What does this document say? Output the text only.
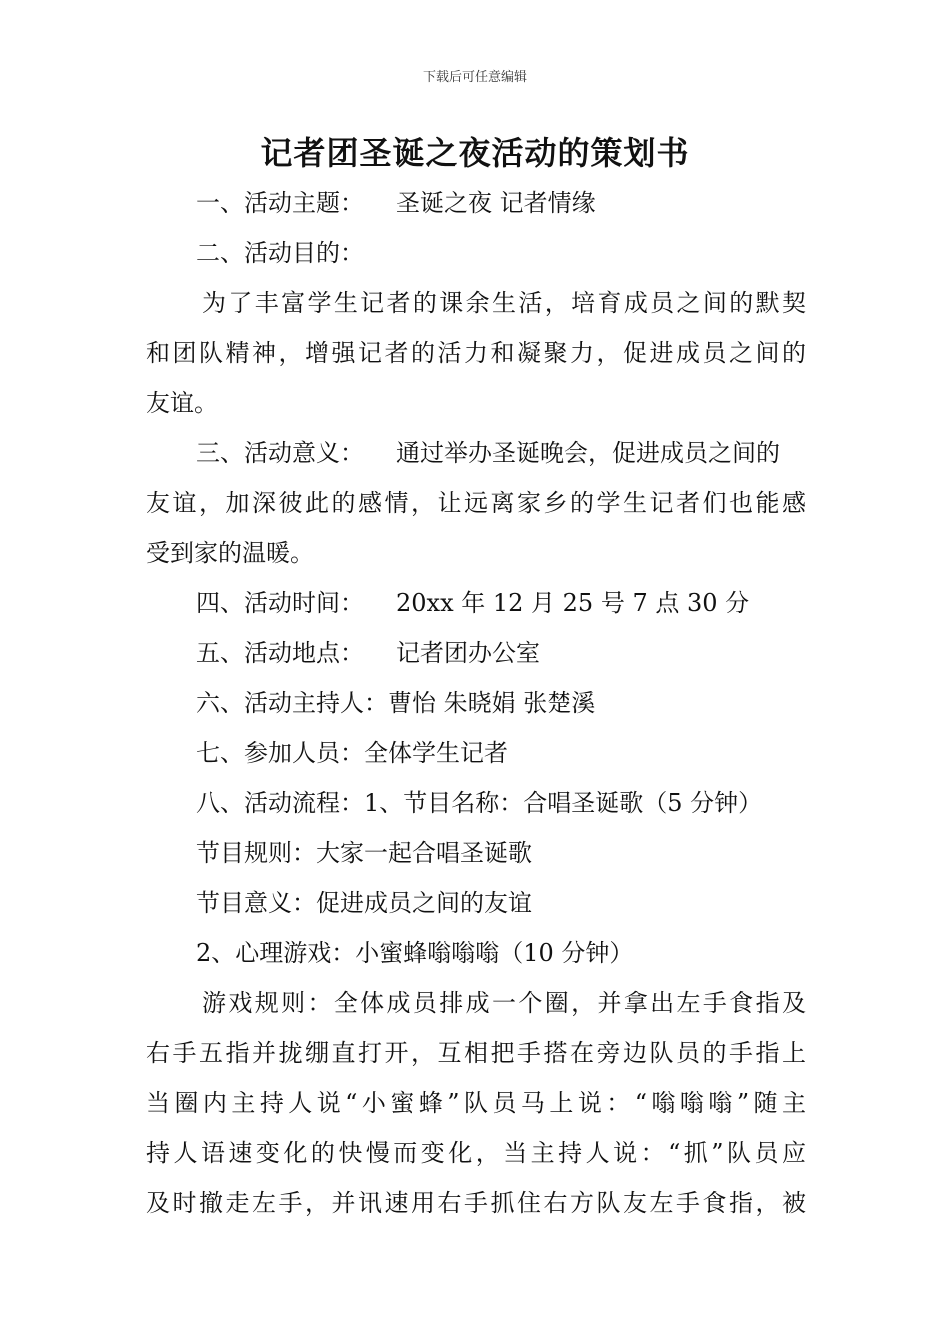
下载后可任意编辑
记者团圣诞之夜活动的策划书
一、活动主题： 圣诞之夜 记者情缘
二、活动目的：
为了丰富学生记者的课余生活，培育成员之间的默契
和团队精神，增强记者的活力和凝聚力，促进成员之间的
友谊。
三、活动意义： 通过举办圣诞晚会，促进成员之间的
友谊，加深彼此的感情，让远离家乡的学生记者们也能感
受到家的温暖。
四、活动时间： 20xx 年 12 月 25 号 7 点 30 分
五、活动地点： 记者团办公室
六、活动主持人：曹怡 朱晓娟 张楚溪
七、参加人员：全体学生记者
八、活动流程：1、节目名称：合唱圣诞歌（5 分钟）
节目规则：大家一起合唱圣诞歌
节目意义：促进成员之间的友谊
2、心理游戏：小蜜蜂嗡嗡嗡（10 分钟）
游戏规则：全体成员排成一个圈，并拿出左手食指及
右手五指并拢绷直打开，互相把手搭在旁边队员的手指上
当圈内主持人说“小蜜蜂”队员马上说：“嗡嗡嗡”随主
持人语速变化的快慢而变化，当主持人说：“抓”队员应
及时撤走左手，并讯速用右手抓住右方队友左手食指，被
